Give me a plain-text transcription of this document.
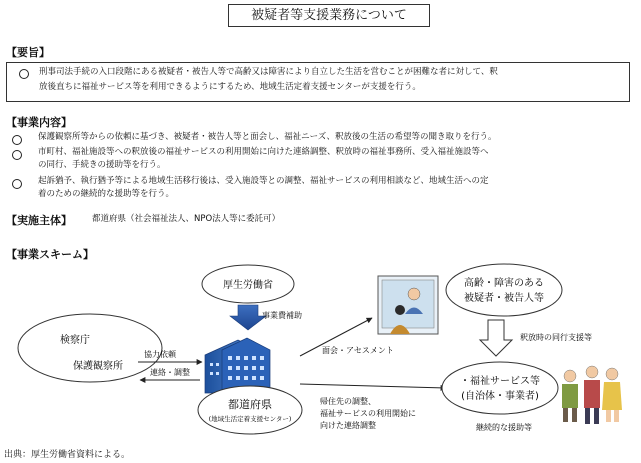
被疑者等支援業務について
【要旨】
刑事司法手続の入口段階にある被疑者・被告人等で高齢又は障害により自立した生活を営むことが困難な者に対して、釈
放後直ちに福祉サービス等を利用できるようにするため、地域生活定着支援センターが支援を行う。
【事業内容】
保護観察所等からの依頼に基づき、被疑者・被告人等と面会し、福祉ニーズ、釈放後の生活の希望等の聞き取りを行う。
市町村、福祉施設等への釈放後の福祉サービスの利用開始に向けた連絡調整、釈放時の福祉事務所、受入福祉施設等へ
の同行、手続きの援助等を行う。
起訴猶予、執行猶予等による地域生活移行後は、受入施設等との調整、福祉サービスの利用相談など、地域生活への定
着のための継続的な援助等を行う。
【実施主体】 都道府県（社会福祉法人、NPO法人等に委託可）
【事業スキーム】
厚生労働省
事業費補助
検察庁
保護観察所
協力依頼
連絡・調整
都道府県
(地域生活定着支援センター)
面会・アセスメント
高齢・障害のある
被疑者・被告人等
釈放時の同行支援等
帰住先の調整、
福祉サービスの利用開始に
向けた連絡調整
・福祉サービス等
(自治体・事業者)
継続的な援助等
出典：厚生労働省資料による。
